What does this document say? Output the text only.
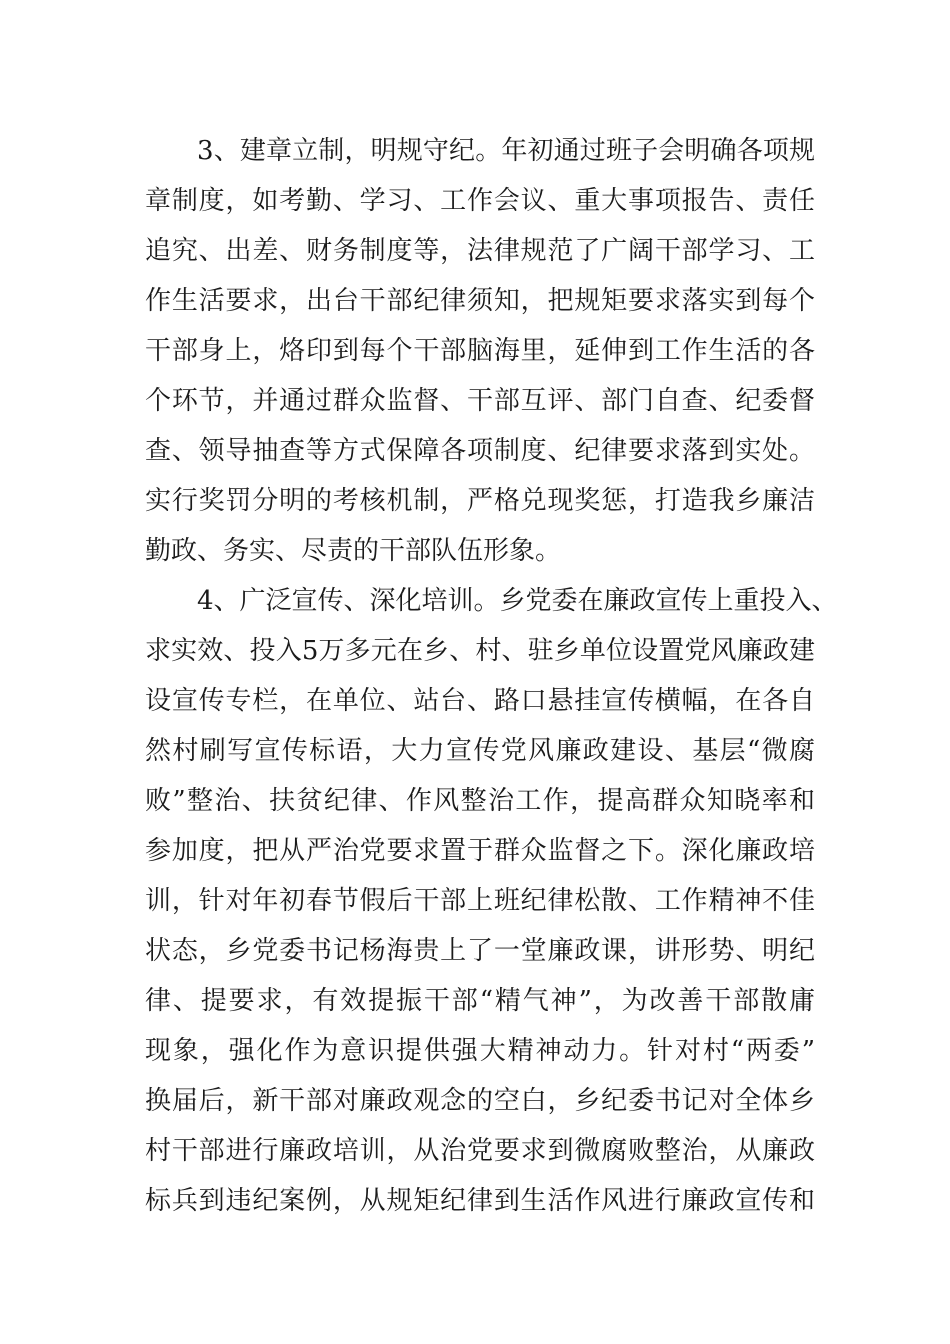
3、建章立制，明规守纪。年初通过班子会明确各项规
章制度，如考勤、学习、工作会议、重大事项报告、责任
追究、出差、财务制度等，法律规范了广阔干部学习、工
作生活要求，出台干部纪律须知，把规矩要求落实到每个
干部身上，烙印到每个干部脑海里，延伸到工作生活的各
个环节，并通过群众监督、干部互评、部门自查、纪委督
查、领导抽查等方式保障各项制度、纪律要求落到实处。
实行奖罚分明的考核机制，严格兑现奖惩，打造我乡廉洁
勤政、务实、尽责的干部队伍形象。
4、广泛宣传、深化培训。乡党委在廉政宣传上重投入、
求实效、投入5万多元在乡、村、驻乡单位设置党风廉政建
设宣传专栏，在单位、站台、路口悬挂宣传横幅，在各自
然村刷写宣传标语，大力宣传党风廉政建设、基层“微腐
败”整治、扶贫纪律、作风整治工作，提高群众知晓率和
参加度，把从严治党要求置于群众监督之下。深化廉政培
训，针对年初春节假后干部上班纪律松散、工作精神不佳
状态，乡党委书记杨海贵上了一堂廉政课，讲形势、明纪
律、提要求，有效提振干部“精气神”，为改善干部散庸
现象，强化作为意识提供强大精神动力。针对村“两委”
换届后，新干部对廉政观念的空白，乡纪委书记对全体乡
村干部进行廉政培训，从治党要求到微腐败整治，从廉政
标兵到违纪案例，从规矩纪律到生活作风进行廉政宣传和
